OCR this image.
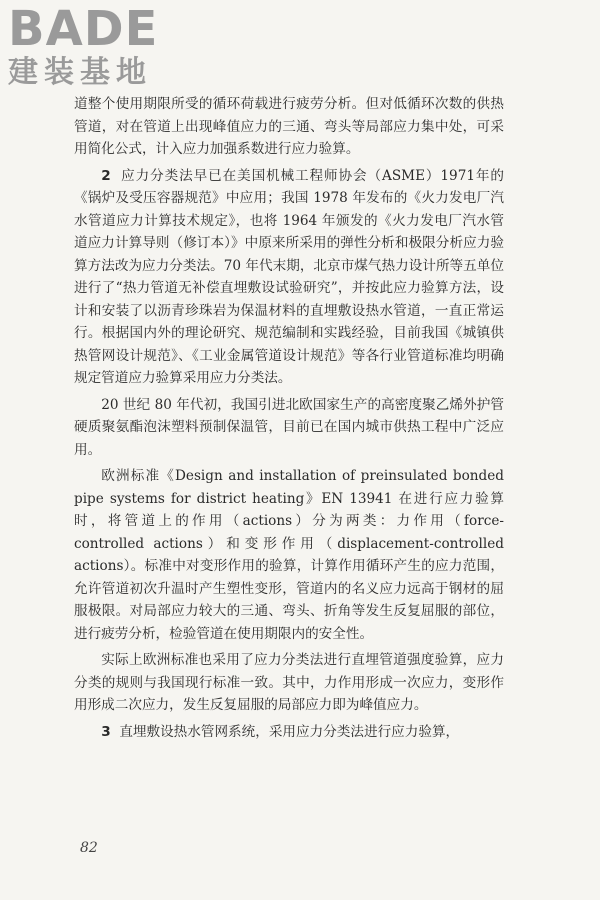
BADE
建装基地

道整个使用期限所受的循环荷载进行疲劳分析。但对低循环次数的供热管道，对在管道上出现峰值应力的三通、弯头等局部应力集中处，可采用简化公式，计入应力加强系数进行应力验算。

2 应力分类法早已在美国机械工程师协会（ASME）1971年的《锅炉及受压容器规范》中应用；我国 1978 年发布的《火力发电厂汽水管道应力计算技术规定》，也将 1964 年颁发的《火力发电厂汽水管道应力计算导则（修订本）》中原来所采用的弹性分析和极限分析应力验算方法改为应力分类法。70 年代末期，北京市煤气热力设计所等五单位进行了“热力管道无补偿直埋敷设试验研究”，并按此应力验算方法，设计和安装了以沥青珍珠岩为保温材料的直埋敷设热水管道，一直正常运行。根据国内外的理论研究、规范编制和实践经验，目前我国《城镇供热管网设计规范》、《工业金属管道设计规范》等各行业管道标准均明确规定管道应力验算采用应力分类法。

20 世纪 80 年代初，我国引进北欧国家生产的高密度聚乙烯外护管硬质聚氨酯泡沫塑料预制保温管，目前已在国内城市供热工程中广泛应用。

欧洲标准《Design and installation of preinsulated bonded pipe systems for district heating》EN 13941 在进行应力验算时，将管道上的作用（actions）分为两类：力作用（force-controlled actions）和变形作用（displacement-controlled actions）。标准中对变形作用的验算，计算作用循环产生的应力范围，允许管道初次升温时产生塑性变形，管道内的名义应力远高于钢材的屈服极限。对局部应力较大的三通、弯头、折角等发生反复屈服的部位，进行疲劳分析，检验管道在使用期限内的安全性。

实际上欧洲标准也采用了应力分类法进行直埋管道强度验算，应力分类的规则与我国现行标准一致。其中，力作用形成一次应力，变形作用形成二次应力，发生反复屈服的局部应力即为峰值应力。

3 直埋敷设热水管网系统，采用应力分类法进行应力验算，

82
